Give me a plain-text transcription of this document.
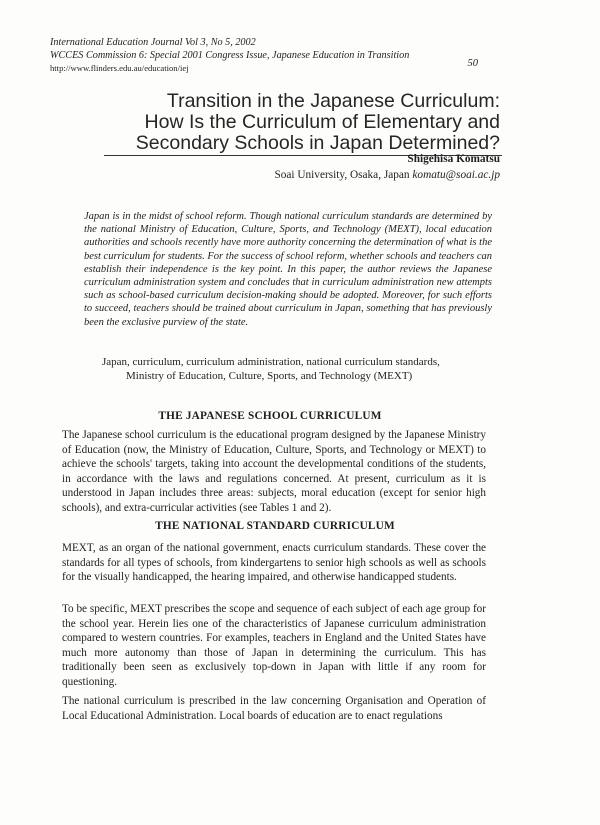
International Education Journal Vol 3, No 5, 2002
WCCES Commission 6: Special 2001 Congress Issue, Japanese Education in Transition
http://www.flinders.edu.au/education/iej	50
Transition in the Japanese Curriculum:
How Is the Curriculum of Elementary and
Secondary Schools in Japan Determined?
Shigehisa Komatsu
Soai University, Osaka, Japan komatu@soai.ac.jp
Japan is in the midst of school reform. Though national curriculum standards are determined by the national Ministry of Education, Culture, Sports, and Technology (MEXT), local education authorities and schools recently have more authority concerning the determination of what is the best curriculum for students. For the success of school reform, whether schools and teachers can establish their independence is the key point. In this paper, the author reviews the Japanese curriculum administration system and concludes that in curriculum administration new attempts such as school-based curriculum decision-making should be adopted. Moreover, for such efforts to succeed, teachers should be trained about curriculum in Japan, something that has previously been the exclusive purview of the state.
Japan, curriculum, curriculum administration, national curriculum standards,
Ministry of Education, Culture, Sports, and Technology (MEXT)
THE JAPANESE SCHOOL CURRICULUM
The Japanese school curriculum is the educational program designed by the Japanese Ministry of Education (now, the Ministry of Education, Culture, Sports, and Technology or MEXT) to achieve the schools' targets, taking into account the developmental conditions of the students, in accordance with the laws and regulations concerned. At present, curriculum as it is understood in Japan includes three areas: subjects, moral education (except for senior high schools), and extra-curricular activities (see Tables 1 and 2).
THE NATIONAL STANDARD CURRICULUM
MEXT, as an organ of the national government, enacts curriculum standards. These cover the standards for all types of schools, from kindergartens to senior high schools as well as schools for the visually handicapped, the hearing impaired, and otherwise handicapped students.
To be specific, MEXT prescribes the scope and sequence of each subject of each age group for the school year. Herein lies one of the characteristics of Japanese curriculum administration compared to western countries. For examples, teachers in England and the United States have much more autonomy than those of Japan in determining the curriculum. This has traditionally been seen as exclusively top-down in Japan with little if any room for questioning.
The national curriculum is prescribed in the law concerning Organisation and Operation of Local Educational Administration. Local boards of education are to enact regulations
